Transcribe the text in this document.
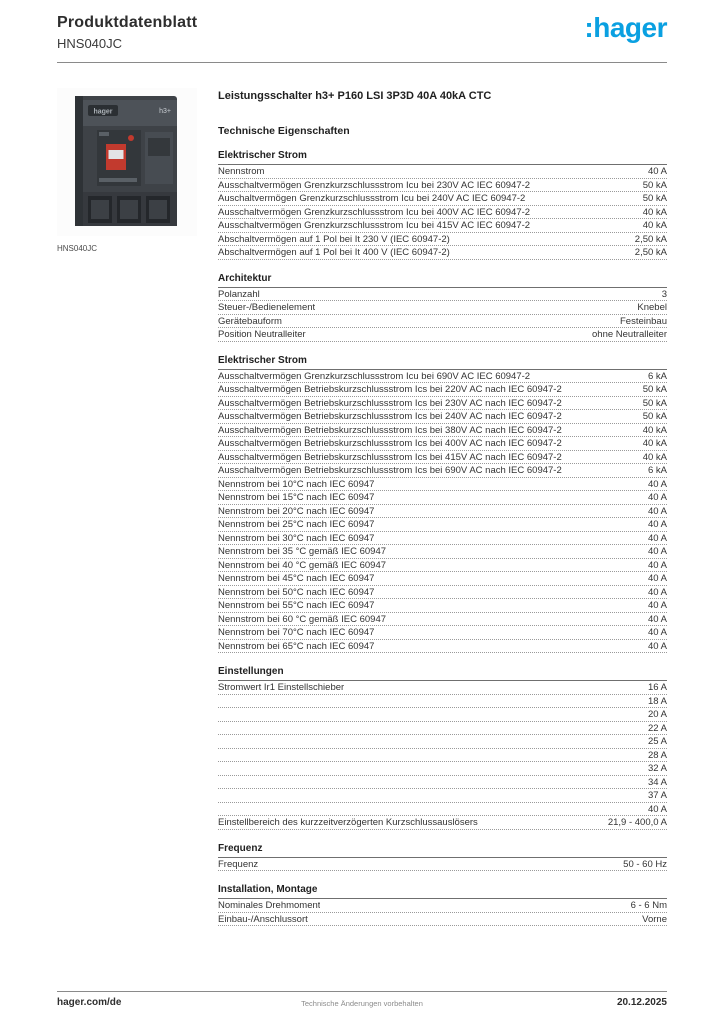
Produktdatenblatt
HNS040JC
:hager
hager	h3+
HNS040JC
Leistungsschalter h3+ P160 LSI 3P3D 40A 40kA CTC
Technische Eigenschaften
Elektrischer Strom
Nennstrom	40 A
Ausschaltvermögen Grenzkurzschlussstrom Icu bei 230V AC IEC 60947-2	50 kA
Auschaltvermögen Grenzkurzschlussstrom Icu bei 240V AC IEC 60947-2	50 kA
Ausschaltvermögen Grenzkurzschlussstrom Icu bei 400V AC IEC 60947-2	40 kA
Ausschaltvermögen Grenzkurzschlussstrom Icu bei 415V AC IEC 60947-2	40 kA
Abschaltvermögen auf 1 Pol bei It 230 V (IEC 60947-2)	2,50 kA
Abschaltvermögen auf 1 Pol bei It 400 V (IEC 60947-2)	2,50 kA
Architektur
Polanzahl	3
Steuer-/Bedienelement	Knebel
Gerätebauform	Festeinbau
Position Neutralleiter	ohne Neutralleiter
Elektrischer Strom
Ausschaltvermögen Grenzkurzschlussstrom Icu bei 690V AC IEC 60947-2	6 kA
Ausschaltvermögen Betriebskurzschlussstrom Ics bei 220V AC nach IEC 60947-2	50 kA
Ausschaltvermögen Betriebskurzschlussstrom Ics bei 230V AC nach IEC 60947-2	50 kA
Ausschaltvermögen Betriebskurzschlussstrom Ics bei 240V AC nach IEC 60947-2	50 kA
Ausschaltvermögen Betriebskurzschlussstrom Ics bei 380V AC nach IEC 60947-2	40 kA
Ausschaltvermögen Betriebskurzschlussstrom Ics bei 400V AC nach IEC 60947-2	40 kA
Ausschaltvermögen Betriebskurzschlussstrom Ics bei 415V AC nach IEC 60947-2	40 kA
Ausschaltvermögen Betriebskurzschlussstrom Ics bei 690V AC nach IEC 60947-2	6 kA
Nennstrom bei 10°C nach IEC 60947	40 A
Nennstrom bei 15°C nach IEC 60947	40 A
Nennstrom bei 20°C nach IEC 60947	40 A
Nennstrom bei 25°C nach IEC 60947	40 A
Nennstrom bei 30°C nach IEC 60947	40 A
Nennstrom bei 35 °C gemäß IEC 60947	40 A
Nennstrom bei 40 °C gemäß IEC 60947	40 A
Nennstrom bei 45°C nach IEC 60947	40 A
Nennstrom bei 50°C nach IEC 60947	40 A
Nennstrom bei 55°C nach IEC 60947	40 A
Nennstrom bei 60 °C gemäß IEC 60947	40 A
Nennstrom bei 70°C nach IEC 60947	40 A
Nennstrom bei 65°C nach IEC 60947	40 A
Einstellungen
Stromwert Ir1 Einstellschieber	16 A
18 A
20 A
22 A
25 A
28 A
32 A
34 A
37 A
40 A
Einstellbereich des kurzzeitverzögerten Kurzschlussauslösers	21,9 - 400,0 A
Frequenz
Frequenz	50 - 60 Hz
Installation, Montage
Nominales Drehmoment	6 - 6 Nm
Einbau-/Anschlussort	Vorne
hager.com/de	Technische Änderungen vorbehalten	20.12.2025
